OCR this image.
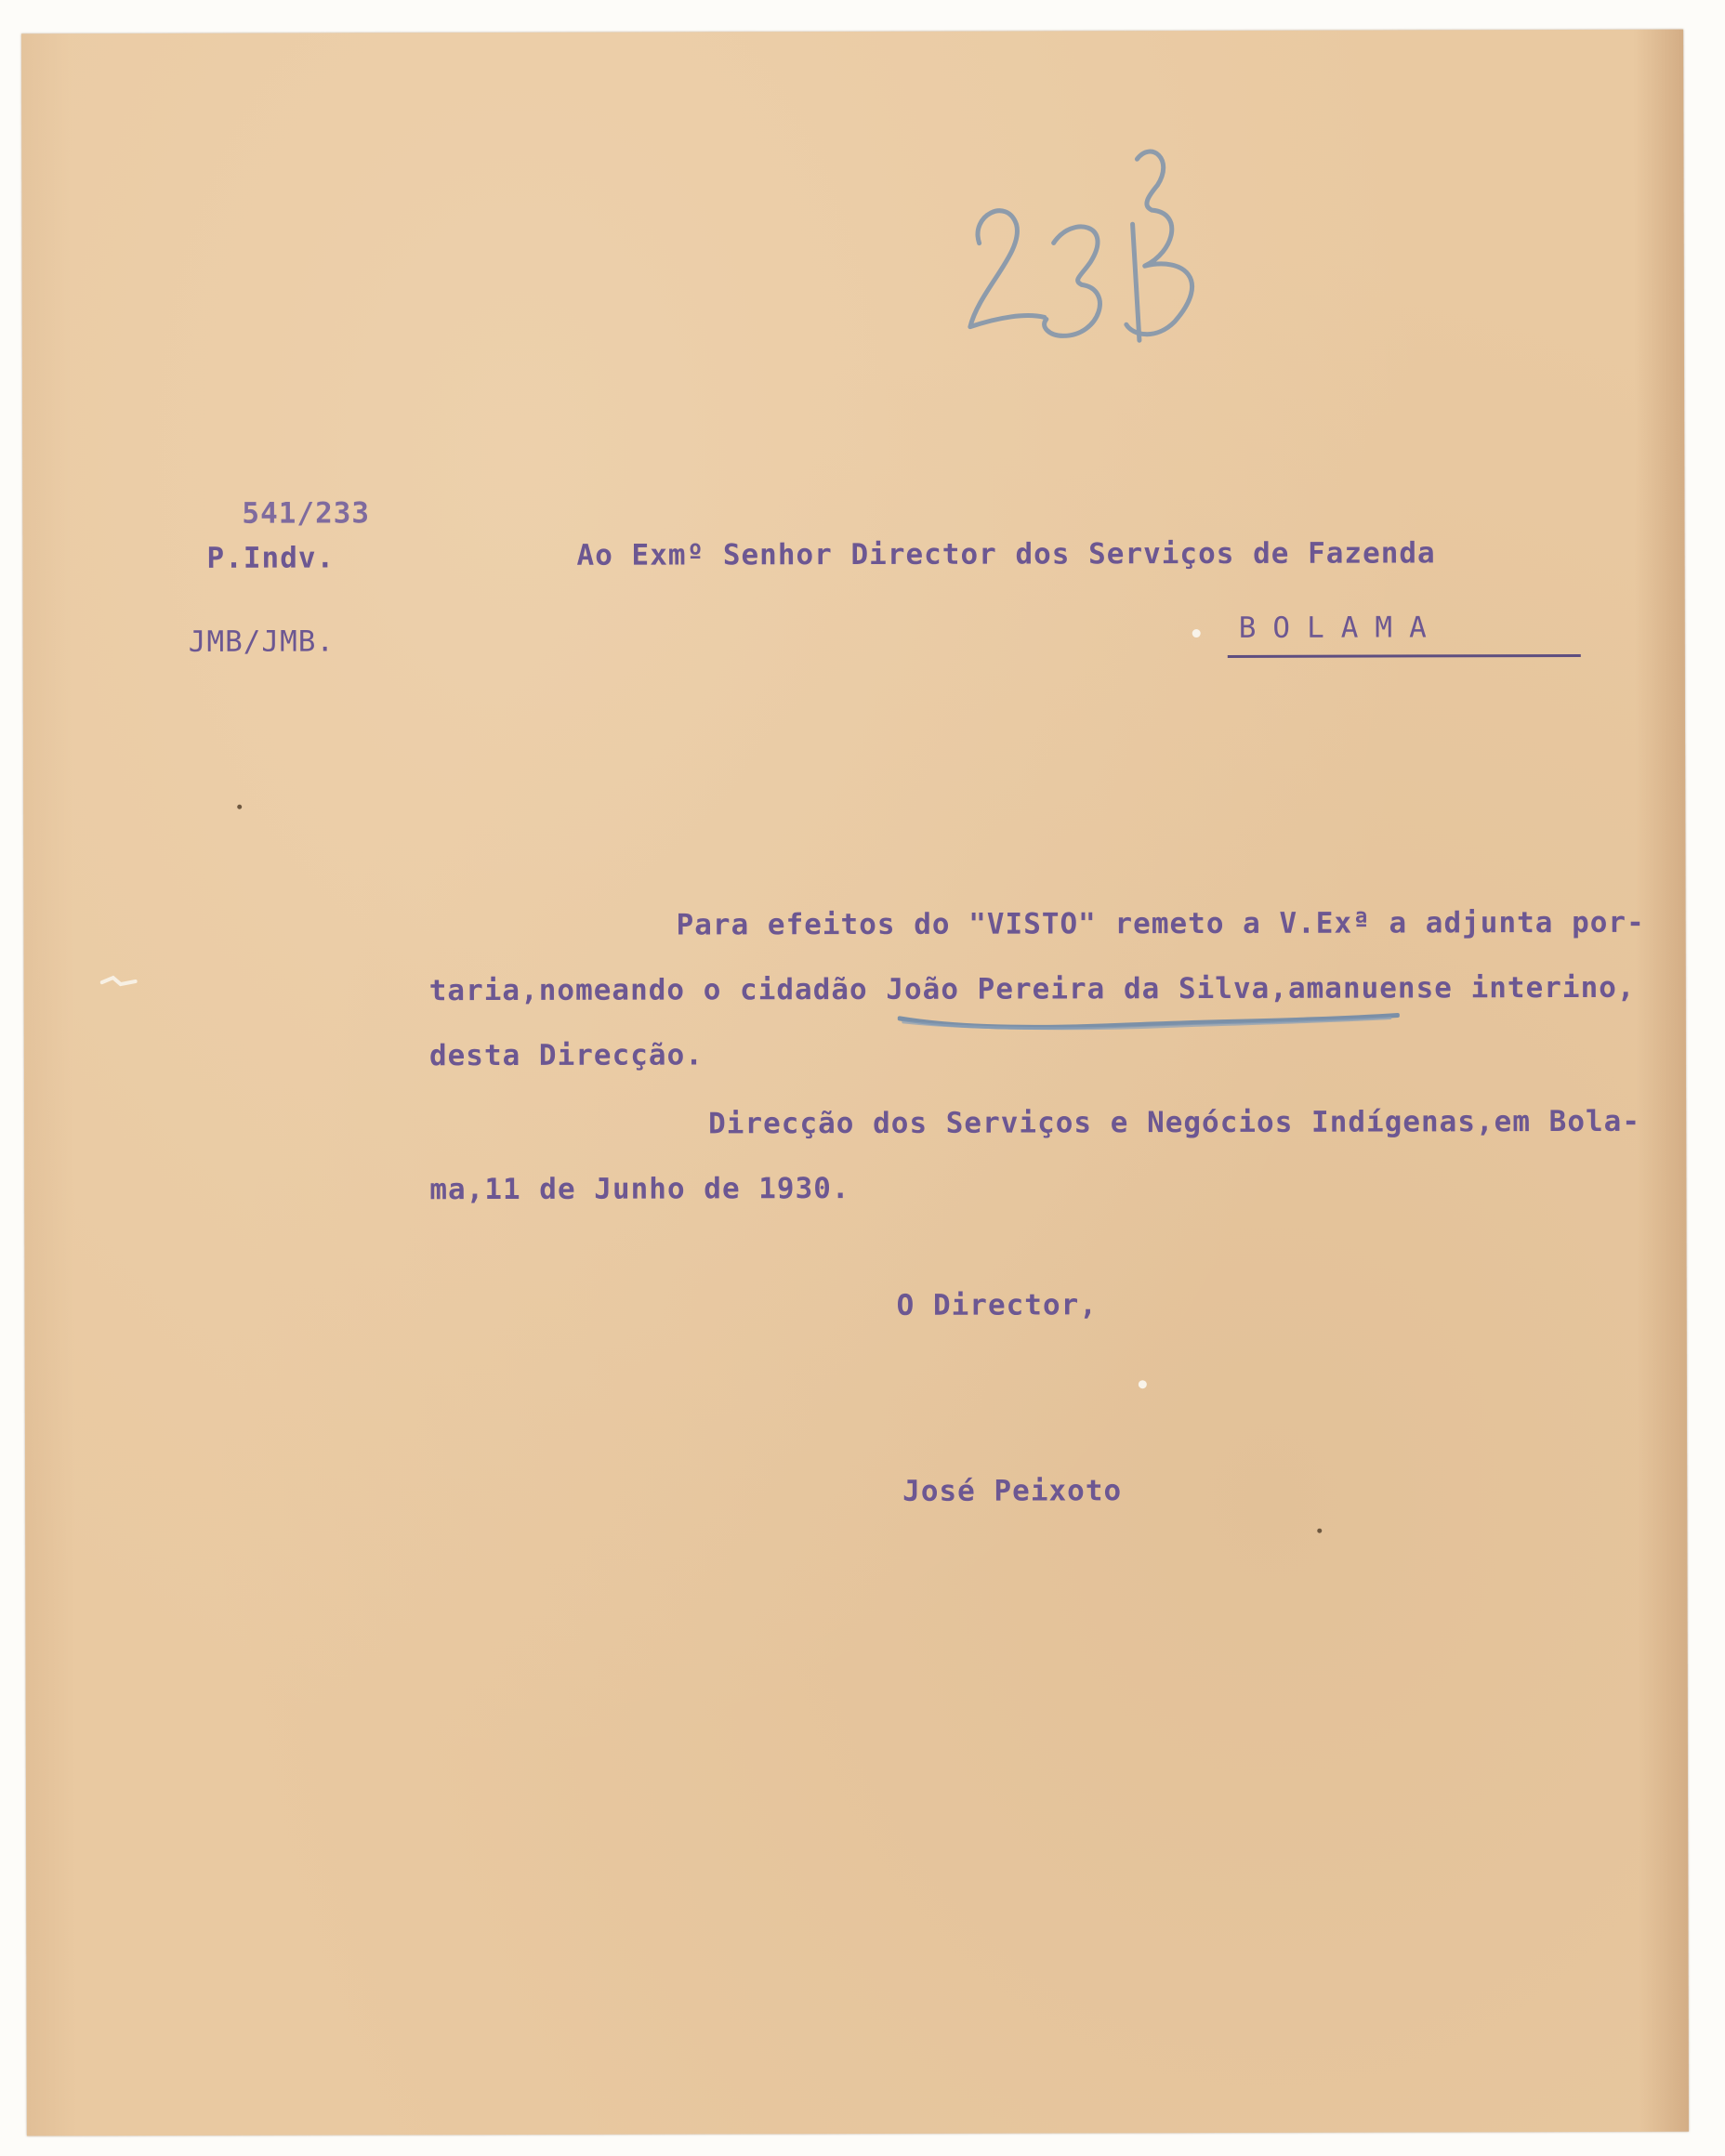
541/233
P.Indv.
JMB/JMB.
Ao Exmº Senhor Director dos Serviços de Fazenda
BOLAMA
Para efeitos do "VISTO" remeto a V.Exª a adjunta por-
taria,nomeando o cidadão João Pereira da Silva,amanuense interino,
desta Direcção.
Direcção dos Serviços e Negócios Indígenas,em Bola-
ma,11 de Junho de 1930.
O Director,
José Peixoto
